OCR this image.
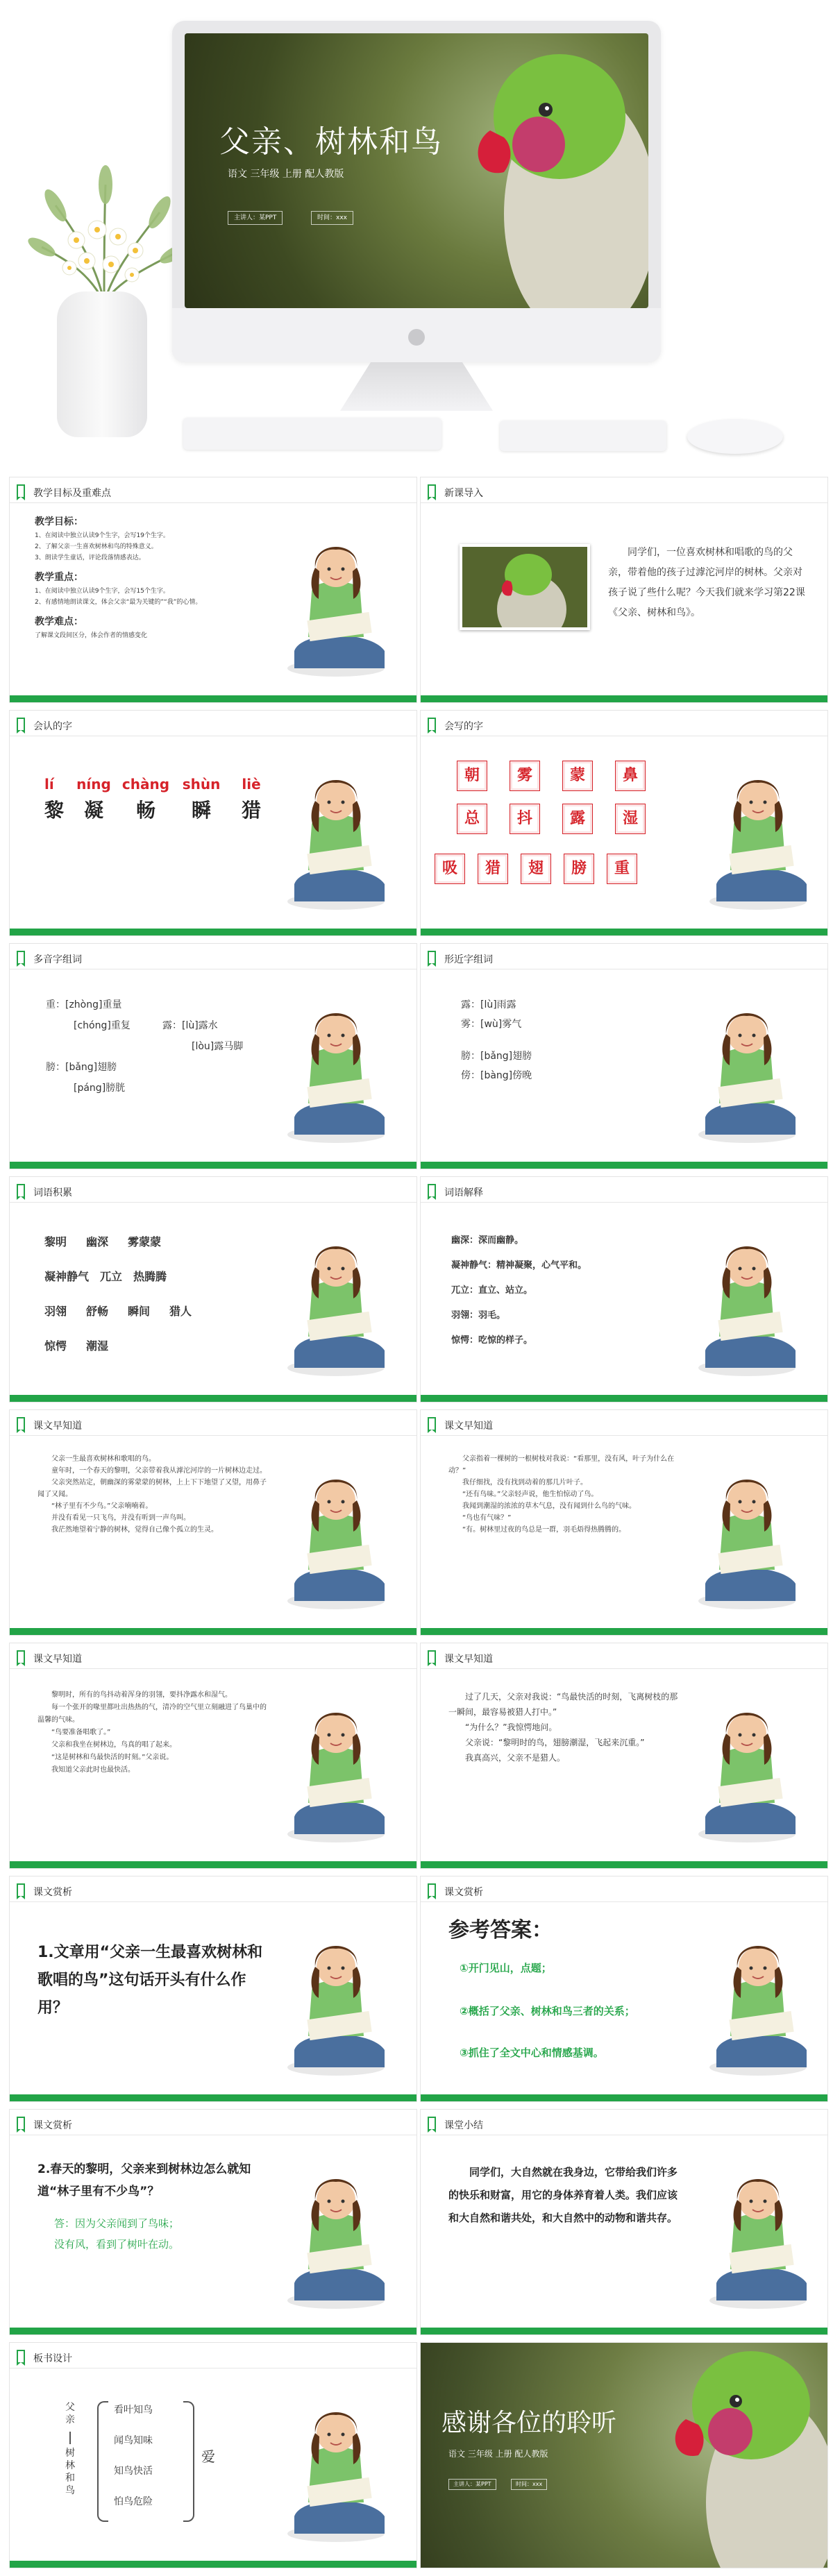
父亲、树林和鸟
语文 三年级 上册 配人教版
主讲人：某PPT	时间：xxx
教学目标及重难点
教学目标：
1、在阅读中独立认读9个生字，会写19个生字。
2、了解父亲一生喜欢树林和鸟的特殊意义。
3、朗读学生童话，评论段落情感表达。
教学重点：
1、在阅读中独立认读9个生字，会写15个生字。
2、有感情地朗读课文，体会父亲“最为关键的”“我”的心情。
教学难点：
了解课文段间区分，体会作者的情感变化
新课导入
同学们，一位喜欢树林和唱歌的鸟的父亲，带着他的孩子过滹沱河岸的树林。父亲对孩子说了些什么呢？今天我们就来学习第22课《父亲、树林和鸟》。
会认的字
lí	níng chàng shùn	liè
黎	凝	畅	瞬	猎
会写的字
朝 雾 蒙 鼻
总 抖 露 湿
吸 猎 翅 膀 重
多音字组词
重：[zhòng]重量
[chóng]重复	露：[lù]露水
[lòu]露马脚
膀：[bǎng]翅膀
[páng]膀胱
形近字组词
露：[lù]雨露
雾：[wù]雾气
膀：[bǎng]翅膀
傍：[bàng]傍晚
词语积累
黎明 幽深 雾蒙蒙
凝神静气 兀立 热腾腾
羽翎 舒畅 瞬间 猎人
惊愕 潮湿
词语解释
幽深：深而幽静。
凝神静气：精神凝聚，心气平和。
兀立：直立、站立。
羽翎：羽毛。
惊愕：吃惊的样子。
课文早知道
父亲一生最喜欢树林和歌唱的鸟。
童年时，一个春天的黎明，父亲带着我从滹沱河岸的一片树林边走过。
父亲突然站定，朝幽深的雾蒙蒙的树林，上上下下地望了又望，用鼻子闻了又闻。
“林子里有不少鸟。”父亲喃喃着。
并没有看见一只飞鸟，并没有听到一声鸟叫。
我茫然地望着宁静的树林，觉得自己像个孤立的生灵。
课文早知道
父亲指着一棵树的一根树枝对我说：“看那里，没有风，叶子为什么在动？”
我仔细找，没有找到动着的那几片叶子。
“还有鸟味。”父亲轻声说，他生怕惊动了鸟。
我闻到潮湿的浓浓的草木气息，没有闻到什么鸟的气味。
“鸟也有气味？”
“有。树林里过夜的鸟总是一群，羽毛焐得热腾腾的。
课文早知道
黎明时，所有的鸟抖动着浑身的羽翎，要抖净露水和湿气。
每一个张开的喙里都吐出热热的气，清冷的空气里立刻融进了鸟巢中的温馨的气味。
“鸟要准备唱歌了。”
父亲和我坐在树林边，鸟真的唱了起来。
“这是树林和鸟最快活的时刻。”父亲说。
我知道父亲此时也最快活。
课文早知道
过了几天，父亲对我说：“鸟最快活的时刻，飞离树枝的那一瞬间，最容易被猎人打中。”
“为什么？”我惊愕地问。
父亲说：“黎明时的鸟，翅膀潮湿，飞起来沉重。”
我真高兴，父亲不是猎人。
课文赏析
1.文章用“父亲一生最喜欢树林和歌唱的鸟”这句话开头有什么作用？
课文赏析
参考答案：
①开门见山，点题；
②概括了父亲、树林和鸟三者的关系；
③抓住了全文中心和情感基调。
课文赏析
2.春天的黎明，父亲来到树林边怎么就知道“林子里有不少鸟”？
答：因为父亲闻到了鸟味；
没有风，看到了树叶在动。
课堂小结
同学们，大自然就在我身边，它带给我们许多的快乐和财富，用它的身体养育着人类。我们应该和大自然和谐共处，和大自然中的动物和谐共存。
板书设计
父亲
树林和鸟
看叶知鸟
闻鸟知味
知鸟快活
怕鸟危险
爱
感谢各位的聆听
语文 三年级 上册 配人教版
主讲人：某PPT	时间：xxx
